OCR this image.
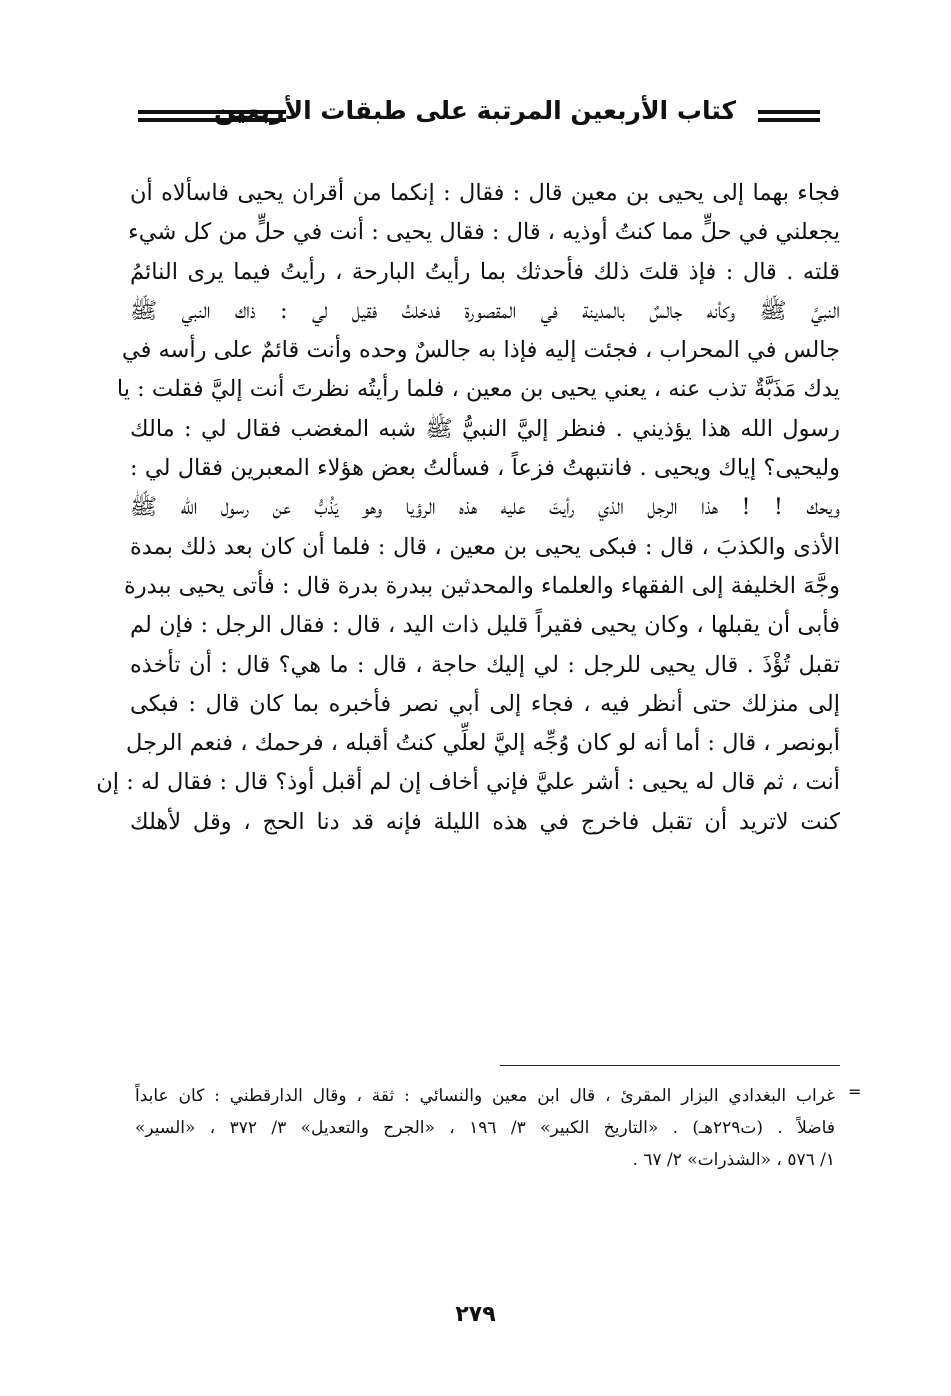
كتاب الأربعين المرتبة على طبقات الأربعين
فجاء بهما إلى يحيى بن معين قال : فقال : إنكما من أقران يحيى فاسألاه أن
يجعلني في حلٍّ مما كنتُ أوذيه ، قال : فقال يحيى : أنت في حلٍّ من كل شيء
قلته . قال : فإذ قلتَ ذلك فأحدثك بما رأيتُ البارحة ، رأيتُ فيما يرى النائمُ
النبيَّ ﷺ وكأنه جالسٌ بالمدينة في المقصورة فدخلتُ فقيل لي : ذاك النبي ﷺ
جالس في المحراب ، فجئت إليه فإذا به جالسٌ وحده وأنت قائمٌ على رأسه في
يدك مَذَبَّةٌ تذب عنه ، يعني يحيى بن معين ، فلما رأيتُه نظرتَ أنت إليَّ فقلت : يا
رسول الله هذا يؤذيني . فنظر إليَّ النبيُّ ﷺ شبه المغضب فقال لي : مالك
وليحيى؟ إياك ويحيى . فانتبهتُ فزعاً ، فسألتُ بعض هؤلاء المعبرين فقال لي :
ويحك ! ! هذا الرجل الذي رأيتَ عليه هذه الرؤيا وهو يَذُبُّ عن رسول الله ﷺ
الأذى والكذبَ ، قال : فبكى يحيى بن معين ، قال : فلما أن كان بعد ذلك بمدة
وجَّهَ الخليفة إلى الفقهاء والعلماء والمحدثين ببدرة بدرة قال : فأتى يحيى ببدرة
فأبى أن يقبلها ، وكان يحيى فقيراً قليل ذات اليد ، قال : فقال الرجل : فإن لم
تقبل تُؤْذَ . قال يحيى للرجل : لي إليك حاجة ، قال : ما هي؟ قال : أن تأخذه
إلى منزلك حتى أنظر فيه ، فجاء إلى أبي نصر فأخبره بما كان قال : فبكى
أبونصر ، قال : أما أنه لو كان وُجِّه إليَّ لعلِّي كنتُ أقبله ، فرحمك ، فنعم الرجل
أنت ، ثم قال له يحيى : أشر عليَّ فإني أخاف إن لم أقبل أوذ؟ قال : فقال له : إن
كنت لاتريد أن تقبل فاخرج في هذه الليلة فإنه قد دنا الحج ، وقل لأهلك
=
غراب البغدادي البزار المقرئ ، قال ابن معين والنسائي : ثقة ، وقال الدارقطني : كان عابداً
فاضلاً . (ت٢٢٩هـ) . «التاريخ الكبير» ٣/ ١٩٦ ، «الجرح والتعديل» ٣/ ٣٧٢ ، «السير»
١/ ٥٧٦ ، «الشذرات» ٢/ ٦٧ .
٢٧٩
